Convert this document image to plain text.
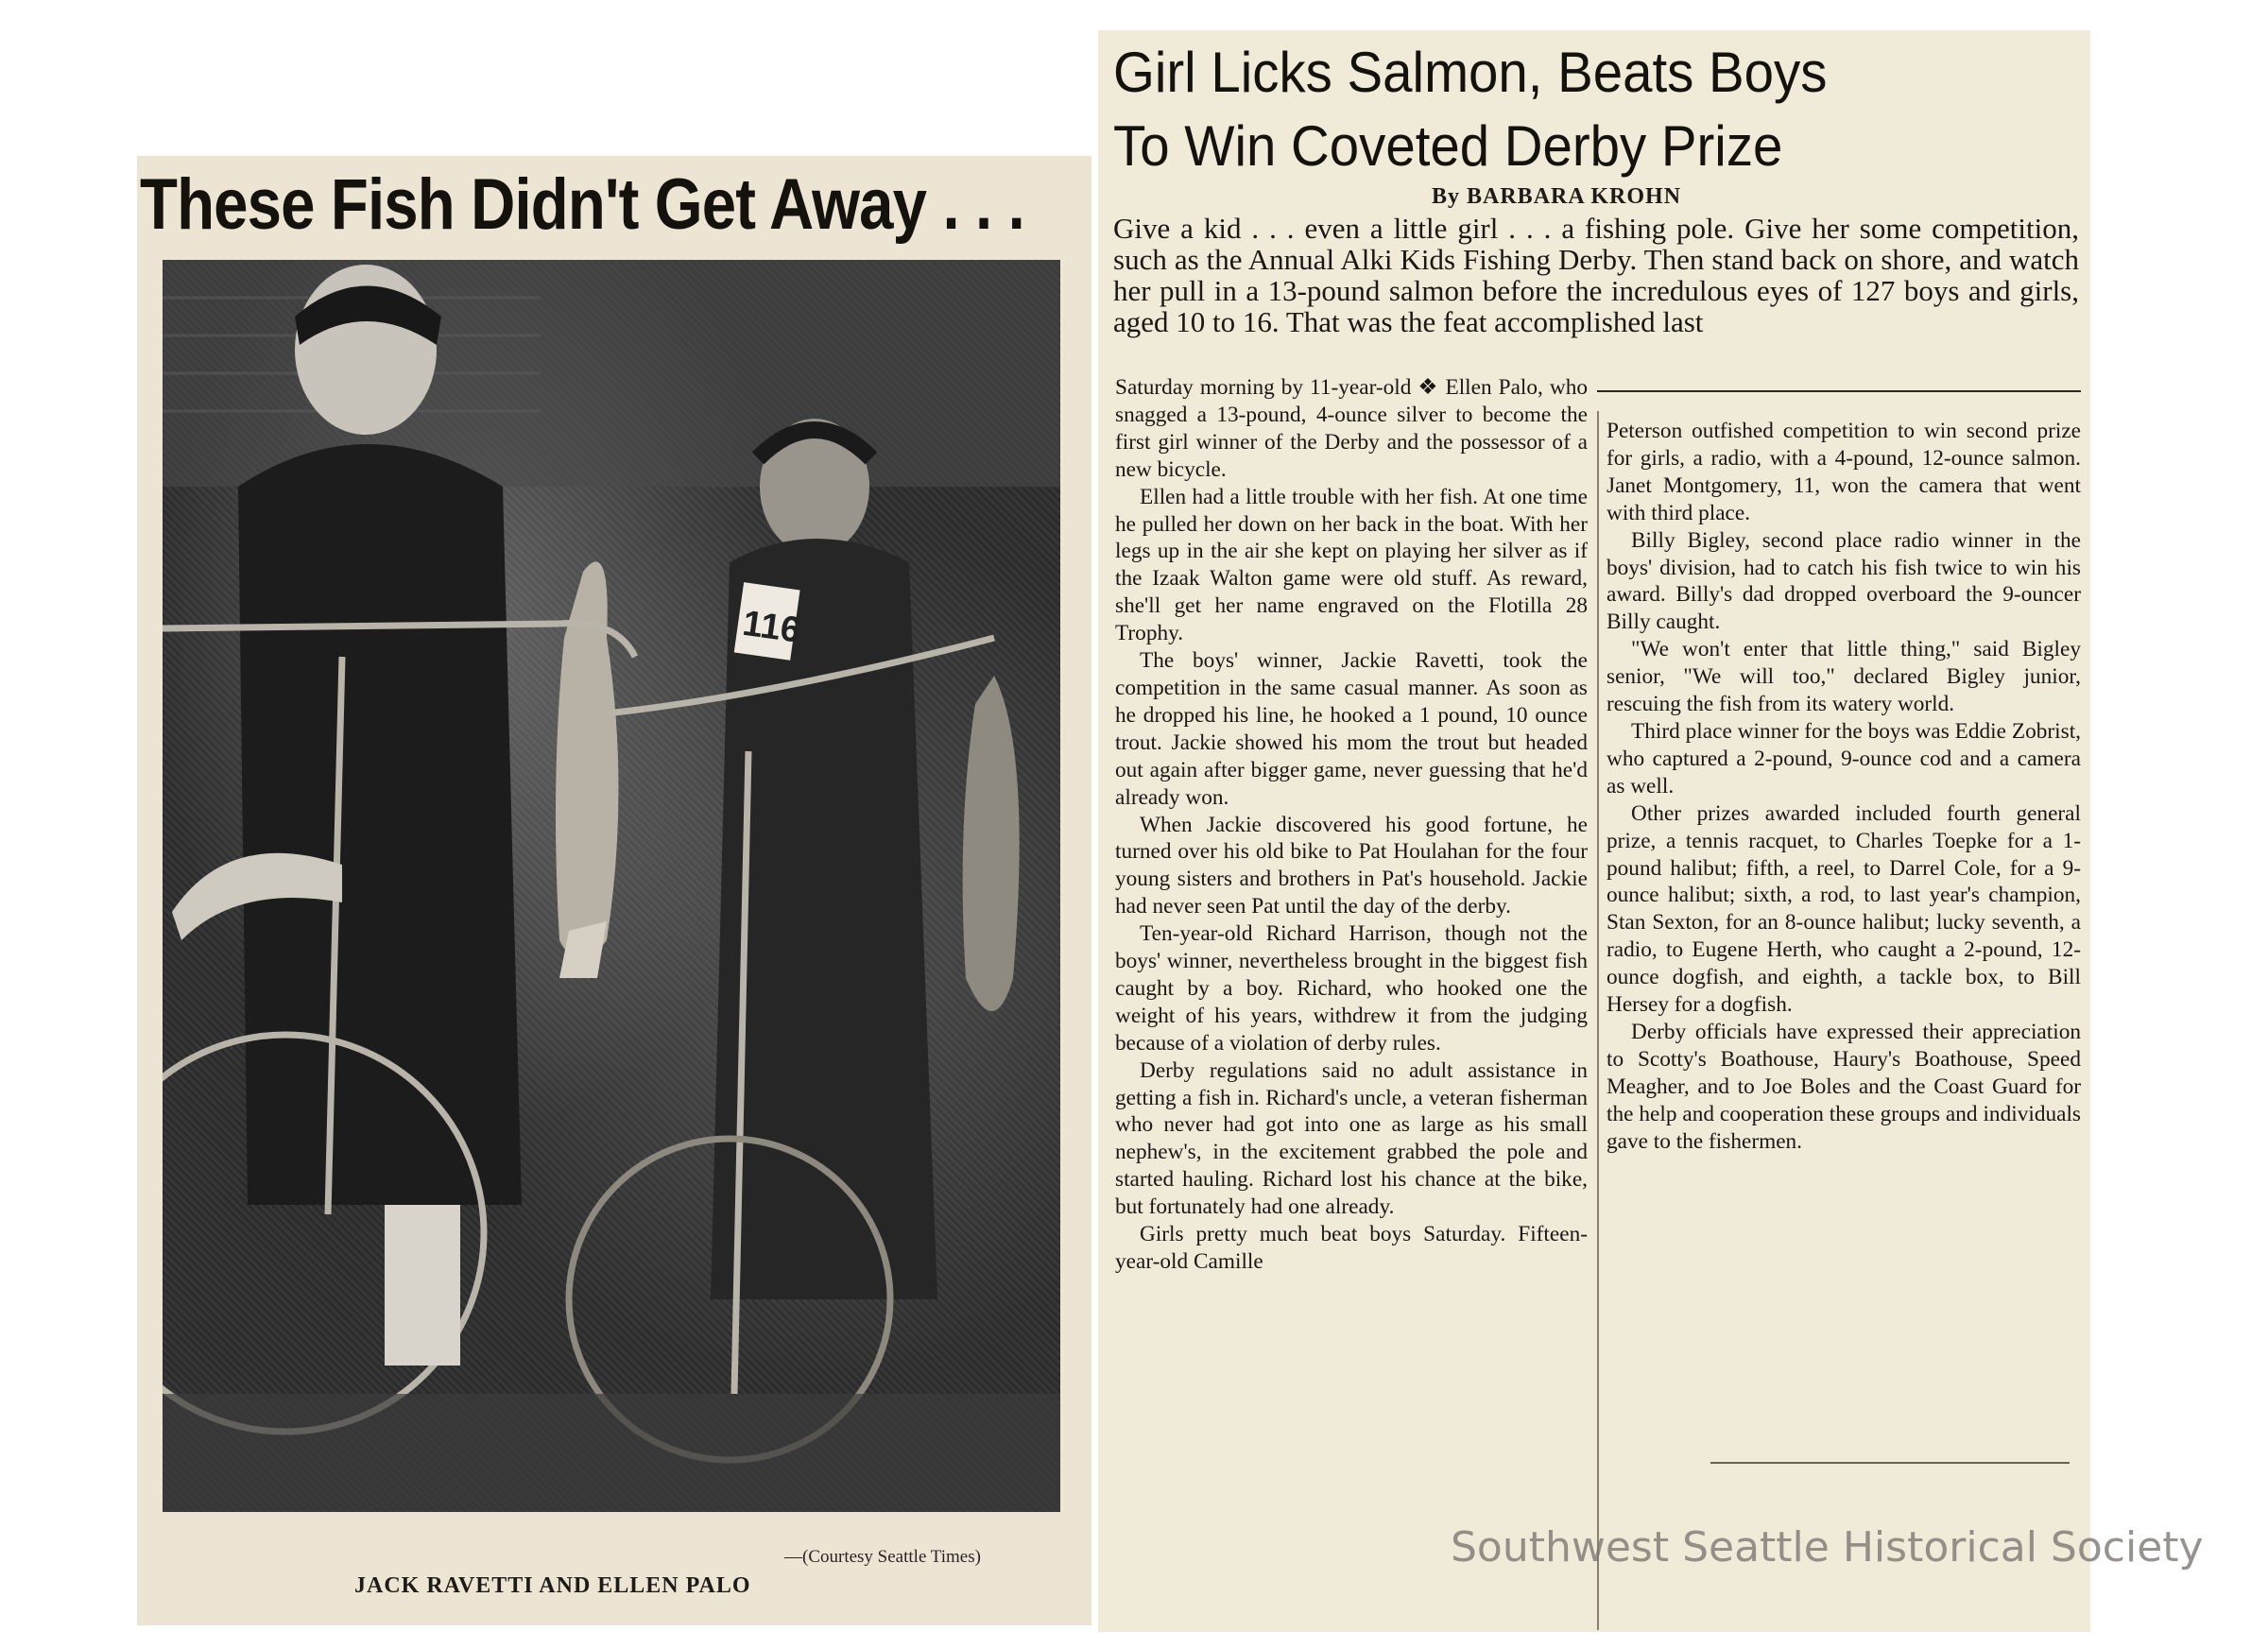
These Fish Didn't Get Away . . .
116
—(Courtesy Seattle Times)
JACK RAVETTI AND ELLEN PALO
Girl Licks Salmon, Beats Boys
To Win Coveted Derby Prize
By BARBARA KROHN
Give a kid . . . even a little girl . . . a fishing pole. Give her some competition, such as the Annual Alki Kids Fishing Derby. Then stand back on shore, and watch her pull in a 13-pound salmon before the incredulous eyes of 127 boys and girls, aged 10 to 16. That was the feat accomplished last

Saturday morning by 11-year-old ❖ Ellen Palo, who snagged a 13-pound, 4-ounce silver to become the first girl winner of the Derby and the possessor of a new bicycle.

Ellen had a little trouble with her fish. At one time he pulled her down on her back in the boat. With her legs up in the air she kept on playing her silver as if the Izaak Walton game were old stuff. As reward, she'll get her name engraved on the Flotilla 28 Trophy.

The boys' winner, Jackie Ravetti, took the competition in the same casual manner. As soon as he dropped his line, he hooked a 1 pound, 10 ounce trout. Jackie showed his mom the trout but headed out again after bigger game, never guessing that he'd already won.

When Jackie discovered his good fortune, he turned over his old bike to Pat Houlahan for the four young sisters and brothers in Pat's household. Jackie had never seen Pat until the day of the derby.

Ten-year-old Richard Harrison, though not the boys' winner, nevertheless brought in the biggest fish caught by a boy. Richard, who hooked one the weight of his years, withdrew it from the judging because of a violation of derby rules.

Derby regulations said no adult assistance in getting a fish in. Richard's uncle, a veteran fisherman who never had got into one as large as his small nephew's, in the excitement grabbed the pole and started hauling. Richard lost his chance at the bike, but fortunately had one already.

Girls pretty much beat boys Saturday. Fifteen-year-old Camille

Peterson outfished competition to win second prize for girls, a radio, with a 4-pound, 12-ounce salmon. Janet Montgomery, 11, won the camera that went with third place.

Billy Bigley, second place radio winner in the boys' division, had to catch his fish twice to win his award. Billy's dad dropped overboard the 9-ouncer Billy caught.

"We won't enter that little thing," said Bigley senior, "We will too," declared Bigley junior, rescuing the fish from its watery world.

Third place winner for the boys was Eddie Zobrist, who captured a 2-pound, 9-ounce cod and a camera as well.

Other prizes awarded included fourth general prize, a tennis racquet, to Charles Toepke for a 1-pound halibut; fifth, a reel, to Darrel Cole, for a 9-ounce halibut; sixth, a rod, to last year's champion, Stan Sexton, for an 8-ounce halibut; lucky seventh, a radio, to Eugene Herth, who caught a 2-pound, 12-ounce dogfish, and eighth, a tackle box, to Bill Hersey for a dogfish.

Derby officials have expressed their appreciation to Scotty's Boathouse, Haury's Boathouse, Speed Meagher, and to Joe Boles and the Coast Guard for the help and cooperation these groups and individuals gave to the fishermen.

Southwest Seattle Historical Society
